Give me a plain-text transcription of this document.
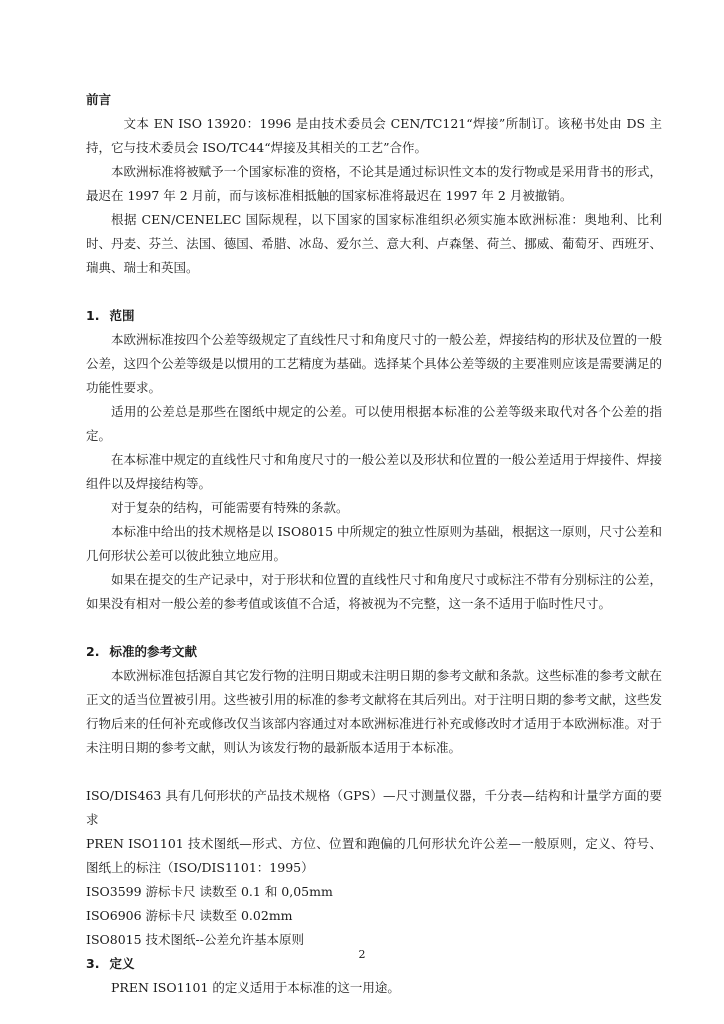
前言

文本 EN ISO 13920：1996 是由技术委员会 CEN/TC121“焊接”所制订。该秘书处由 DS 主持，它与技术委员会 ISO/TC44“焊接及其相关的工艺”合作。

本欧洲标准将被赋予一个国家标准的资格，不论其是通过标识性文本的发行物或是采用背书的形式，最迟在 1997 年 2 月前，而与该标准相抵触的国家标准将最迟在 1997 年 2 月被撤销。

根据 CEN/CENELEC 国际规程，以下国家的国家标准组织必须实施本欧洲标准：奥地利、比利时、丹麦、芬兰、法国、德国、希腊、冰岛、爱尔兰、意大利、卢森堡、荷兰、挪威、葡萄牙、西班牙、瑞典、瑞士和英国。

1. 范围

本欧洲标准按四个公差等级规定了直线性尺寸和角度尺寸的一般公差，焊接结构的形状及位置的一般公差，这四个公差等级是以惯用的工艺精度为基础。选择某个具体公差等级的主要准则应该是需要满足的功能性要求。

适用的公差总是那些在图纸中规定的公差。可以使用根据本标准的公差等级来取代对各个公差的指定。

在本标准中规定的直线性尺寸和角度尺寸的一般公差以及形状和位置的一般公差适用于焊接件、焊接组件以及焊接结构等。

对于复杂的结构，可能需要有特殊的条款。

本标准中给出的技术规格是以 ISO8015 中所规定的独立性原则为基础，根据这一原则，尺寸公差和几何形状公差可以彼此独立地应用。

如果在提交的生产记录中，对于形状和位置的直线性尺寸和角度尺寸或标注不带有分别标注的公差，如果没有相对一般公差的参考值或该值不合适，将被视为不完整，这一条不适用于临时性尺寸。

2. 标准的参考文献

本欧洲标准包括源自其它发行物的注明日期或未注明日期的参考文献和条款。这些标准的参考文献在正文的适当位置被引用。这些被引用的标准的参考文献将在其后列出。对于注明日期的参考文献，这些发行物后来的任何补充或修改仅当该部内容通过对本欧洲标准进行补充或修改时才适用于本欧洲标准。对于未注明日期的参考文献，则认为该发行物的最新版本适用于本标准。

ISO/DIS463 具有几何形状的产品技术规格（GPS）—尺寸测量仪器，千分表—结构和计量学方面的要求

PREN ISO1101 技术图纸—形式、方位、位置和跑偏的几何形状允许公差—一般原则，定义、符号、图纸上的标注（ISO/DIS1101：1995）

ISO3599 游标卡尺 读数至 0.1 和 0,05mm

ISO6906 游标卡尺 读数至 0.02mm

ISO8015 技术图纸--公差允许基本原则

3. 定义

PREN ISO1101 的定义适用于本标准的这一用途。

2
